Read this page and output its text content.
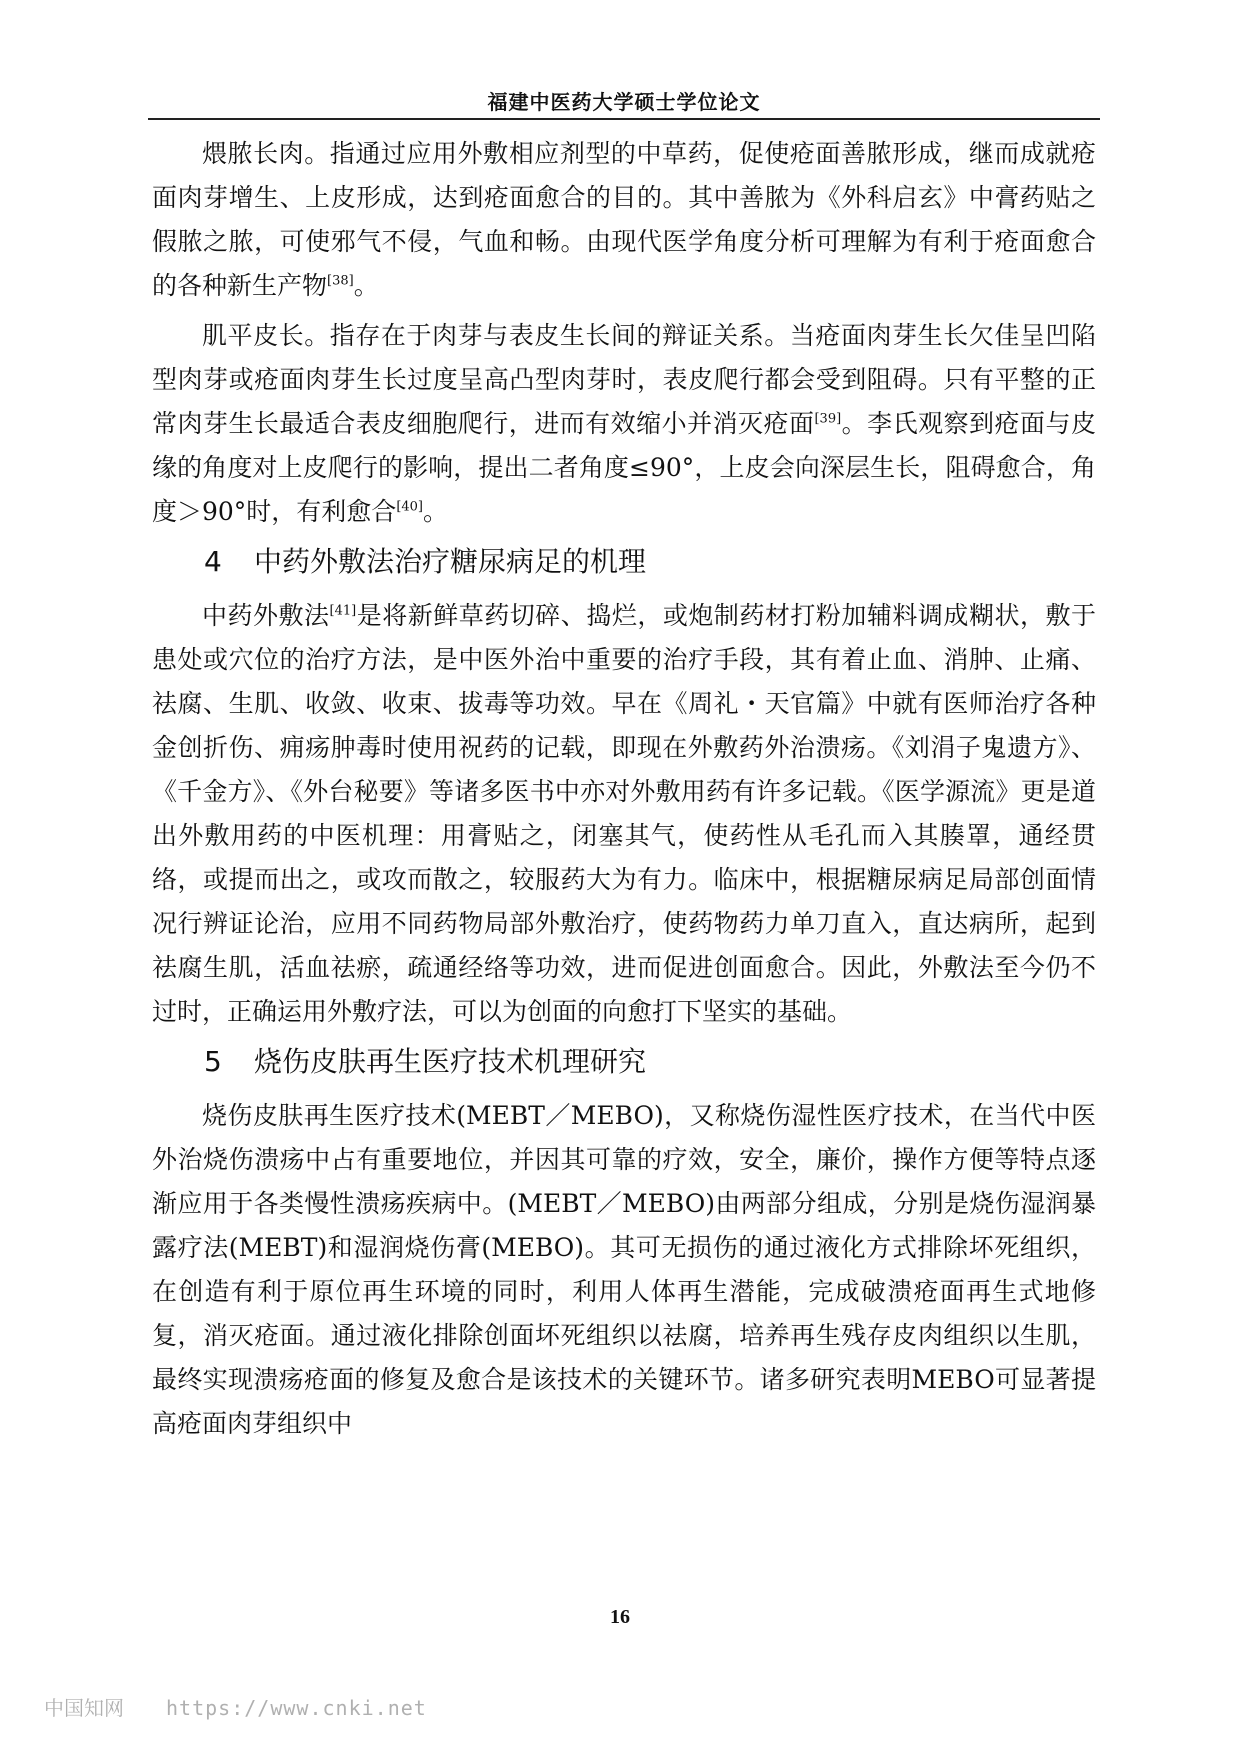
福建中医药大学硕士学位论文

煨脓长肉。指通过应用外敷相应剂型的中草药，促使疮面善脓形成，继而成就疮面肉芽增生、上皮形成，达到疮面愈合的目的。其中善脓为《外科启玄》中膏药贴之假脓之脓，可使邪气不侵，气血和畅。由现代医学角度分析可理解为有利于疮面愈合的各种新生产物[38]。

肌平皮长。指存在于肉芽与表皮生长间的辩证关系。当疮面肉芽生长欠佳呈凹陷型肉芽或疮面肉芽生长过度呈高凸型肉芽时，表皮爬行都会受到阻碍。只有平整的正常肉芽生长最适合表皮细胞爬行，进而有效缩小并消灭疮面[39]。李氏观察到疮面与皮缘的角度对上皮爬行的影响，提出二者角度≤90°，上皮会向深层生长，阻碍愈合，角度＞90°时，有利愈合[40]。

4 中药外敷法治疗糖尿病足的机理

中药外敷法[41]是将新鲜草药切碎、捣烂，或炮制药材打粉加辅料调成糊状，敷于患处或穴位的治疗方法，是中医外治中重要的治疗手段，其有着止血、消肿、止痛、祛腐、生肌、收敛、收束、拔毒等功效。早在《周礼・天官篇》中就有医师治疗各种金创折伤、痈疡肿毒时使用祝药的记载，即现在外敷药外治溃疡。《刘涓子鬼遗方》、《千金方》、《外台秘要》等诸多医书中亦对外敷用药有许多记载。《医学源流》更是道出外敷用药的中医机理：用膏贴之，闭塞其气，使药性从毛孔而入其腠罩，通经贯络，或提而出之，或攻而散之，较服药大为有力。临床中，根据糖尿病足局部创面情况行辨证论治，应用不同药物局部外敷治疗，使药物药力单刀直入，直达病所，起到祛腐生肌，活血祛瘀，疏通经络等功效，进而促进创面愈合。因此，外敷法至今仍不过时，正确运用外敷疗法，可以为创面的向愈打下坚实的基础。

5 烧伤皮肤再生医疗技术机理研究

烧伤皮肤再生医疗技术(MEBT／MEBO)，又称烧伤湿性医疗技术，在当代中医外治烧伤溃疡中占有重要地位，并因其可靠的疗效，安全，廉价，操作方便等特点逐渐应用于各类慢性溃疡疾病中。(MEBT／MEBO)由两部分组成，分别是烧伤湿润暴露疗法(MEBT)和湿润烧伤膏(MEBO)。其可无损伤的通过液化方式排除坏死组织，在创造有利于原位再生环境的同时，利用人体再生潜能，完成破溃疮面再生式地修复，消灭疮面。通过液化排除创面坏死组织以祛腐，培养再生残存皮肉组织以生肌，最终实现溃疡疮面的修复及愈合是该技术的关键环节。诸多研究表明MEBO可显著提高疮面肉芽组织中

16
中国知网 https://www.cnki.net
